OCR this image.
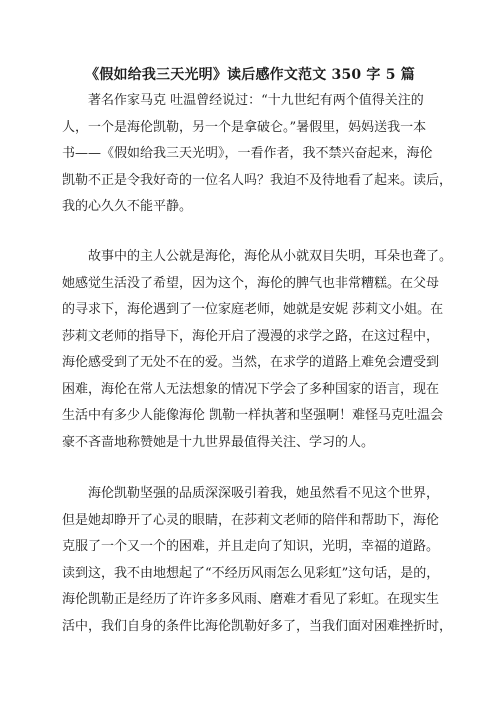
《假如给我三天光明》读后感作文范文 350 字 5 篇
　　著名作家马克 吐温曾经说过：“十九世纪有两个值得关注的
人，一个是海伦凯勒，另一个是拿破仑。”暑假里，妈妈送我一本
书——《假如给我三天光明》，一看作者，我不禁兴奋起来，海伦
凯勒不正是令我好奇的一位名人吗？我迫不及待地看了起来。读后，
我的心久久不能平静。
　　故事中的主人公就是海伦，海伦从小就双目失明，耳朵也聋了。
她感觉生活没了希望，因为这个，海伦的脾气也非常糟糕。在父母
的寻求下，海伦遇到了一位家庭老师，她就是安妮 莎莉文小姐。在
莎莉文老师的指导下，海伦开启了漫漫的求学之路，在这过程中，
海伦感受到了无处不在的爱。当然，在求学的道路上难免会遭受到
困难，海伦在常人无法想象的情况下学会了多种国家的语言，现在
生活中有多少人能像海伦 凯勒一样执著和坚强啊！难怪马克吐温会
豪不吝啬地称赞她是十九世界最值得关注、学习的人。
　　海伦凯勒坚强的品质深深吸引着我，她虽然看不见这个世界，
但是她却睁开了心灵的眼睛，在莎莉文老师的陪伴和帮助下，海伦
克服了一个又一个的困难，并且走向了知识，光明，幸福的道路。
读到这，我不由地想起了“不经历风雨怎么见彩虹”这句话，是的，
海伦凯勒正是经历了许许多多风雨、磨难才看见了彩虹。在现实生
活中，我们自身的条件比海伦凯勒好多了，当我们面对困难挫折时，
